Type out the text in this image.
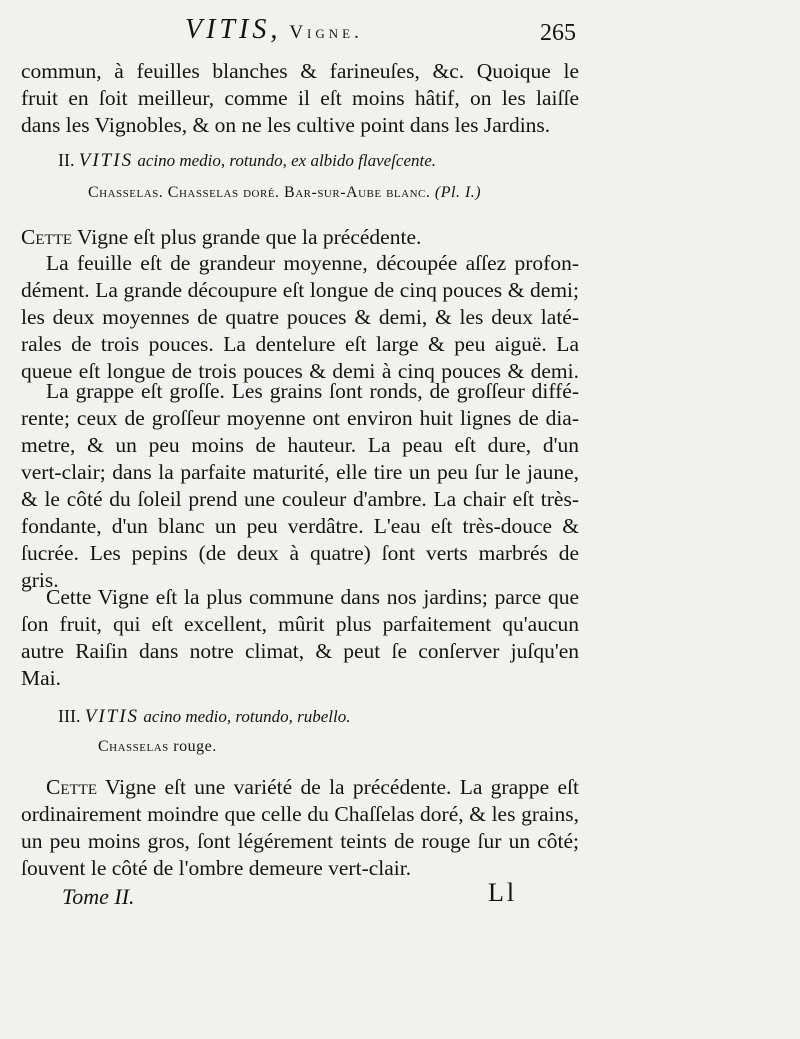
VITIS, Vigne.	265
commun, à feuilles blanches & farineuſes, &c. Quoique le
fruit en ſoit meilleur, comme il eſt moins hâtif, on les laiſſe
dans les Vignobles, & on ne les cultive point dans les Jardins.
II. VITIS acino medio, rotundo, ex albido flaveſcente.
Chasselas. Chasselas doré. Bar-sur-Aube blanc. (Pl. I.)
Cette Vigne eſt plus grande que la précédente.
La feuille eſt de grandeur moyenne, découpée aſſez profon-
dément. La grande découpure eſt longue de cinq pouces & demi;
les deux moyennes de quatre pouces & demi, & les deux laté-
rales de trois pouces. La dentelure eſt large & peu aiguë. La
queue eſt longue de trois pouces & demi à cinq pouces & demi.
La grappe eſt groſſe. Les grains ſont ronds, de groſſeur diffé-
rente; ceux de groſſeur moyenne ont environ huit lignes de dia-
metre, & un peu moins de hauteur. La peau eſt dure, d'un
vert-clair; dans la parfaite maturité, elle tire un peu ſur le jaune,
& le côté du ſoleil prend une couleur d'ambre. La chair eſt très-
fondante, d'un blanc un peu verdâtre. L'eau eſt très-douce &
ſucrée. Les pepins (de deux à quatre) ſont verts marbrés de
gris.
Cette Vigne eſt la plus commune dans nos jardins; parce que
ſon fruit, qui eſt excellent, mûrit plus parfaitement qu'aucun
autre Raiſin dans notre climat, & peut ſe conſerver juſqu'en
Mai.
III. VITIS acino medio, rotundo, rubello.
Chasselas rouge.
Cette Vigne eſt une variété de la précédente. La grappe eſt
ordinairement moindre que celle du Chaſſelas doré, & les grains,
un peu moins gros, ſont légérement teints de rouge ſur un côté;
ſouvent le côté de l'ombre demeure vert-clair.
Tome II.	Ll
